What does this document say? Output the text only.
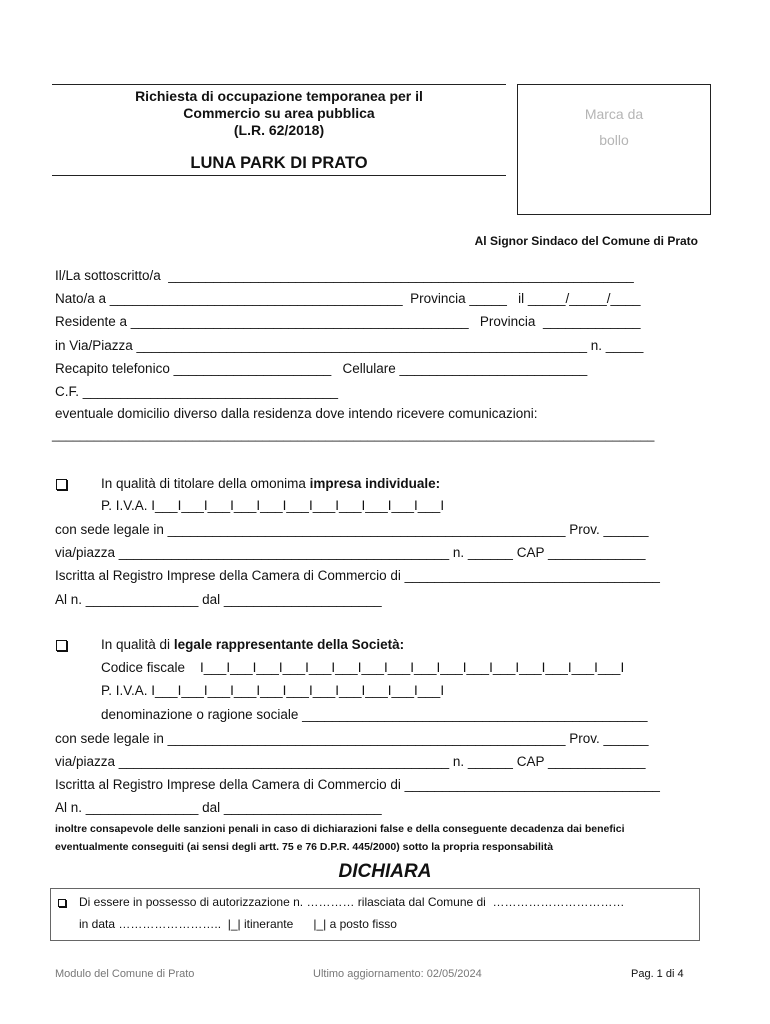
Richiesta di occupazione temporanea per il
Commercio su area pubblica
(L.R. 62/2018)
LUNA PARK DI PRATO
Marca da
bollo
Al Signor Sindaco del Comune di Prato
Il/La sottoscritto/a  ______________________________________________________________
Nato/a a _______________________________________  Provincia _____   il _____/_____/____
Residente a _____________________________________________   Provincia  _____________
in Via/Piazza ____________________________________________________________ n. _____
Recapito telefonico _____________________   Cellulare _________________________
C.F. __________________________________
eventuale domicilio diverso dalla residenza dove intendo ricevere comunicazioni:
______________________________________________________________________________________
In qualità di titolare della omonima impresa individuale:
P. I.V.A. I___I___I___I___I___I___I___I___I___I___I___I
con sede legale in _____________________________________________________ Prov. ______
via/piazza ____________________________________________ n. ______ CAP _____________
Iscritta al Registro Imprese della Camera di Commercio di __________________________________
Al n. _______________ dal _____________________
In qualità di legale rappresentante della Società:
Codice fiscale    I___I___I___I___I___I___I___I___I___I___I___I___I___I___I___I___I
P. I.V.A. I___I___I___I___I___I___I___I___I___I___I___I
denominazione o ragione sociale ______________________________________________
con sede legale in _____________________________________________________ Prov. ______
via/piazza ____________________________________________ n. ______ CAP _____________
Iscritta al Registro Imprese della Camera di Commercio di __________________________________
Al n. _______________ dal _____________________
inoltre consapevole delle sanzioni penali in caso di dichiarazioni false e della conseguente decadenza dai benefici
eventualmente conseguiti (ai sensi degli artt. 75 e 76 D.P.R. 445/2000) sotto la propria responsabilità
DICHIARA
Di essere in possesso di autorizzazione n. ………… rilasciata dal Comune di  ……………………………
in data ……………………..  |_| itinerante |_| a posto fisso
Modulo del Comune di Prato	Ultimo aggiornamento: 02/05/2024	Pag. 1 di 4
